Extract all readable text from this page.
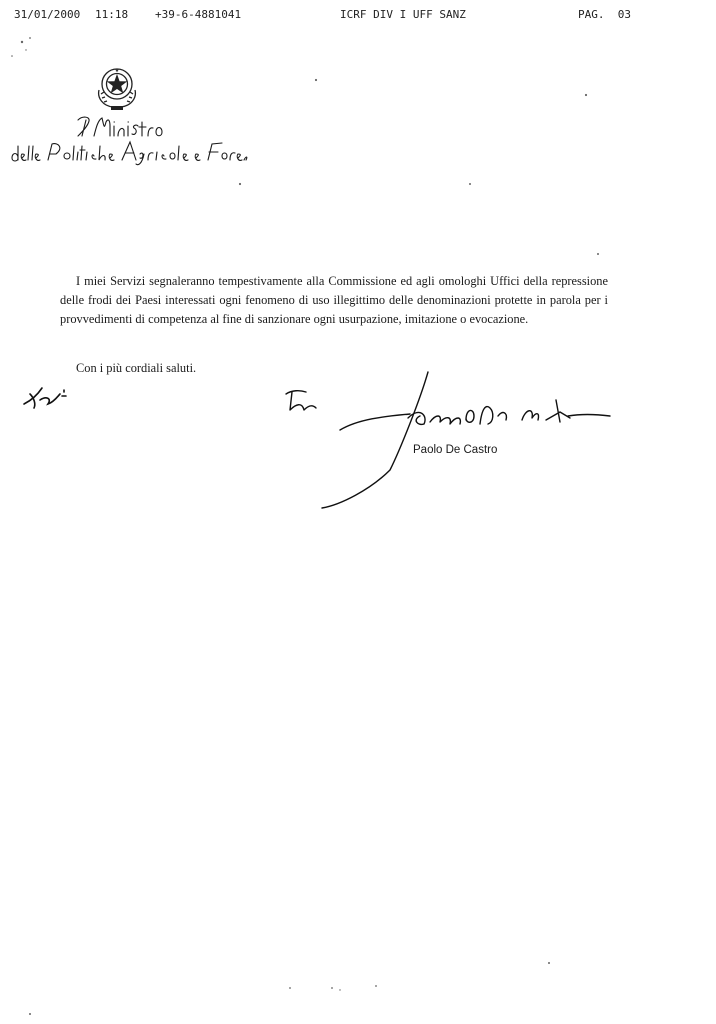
31/01/2000 11:18 +39-6-4881041	ICRF DIV I UFF SANZ	PAG. 03
★

I miei Servizi segnaleranno tempestivamente alla Commissione ed agli omologhi Uffici della repressione delle frodi dei Paesi interessati ogni fenomeno di uso illegittimo delle denominazioni protette in parola per i provvedimenti di competenza al fine di sanzionare ogni usurpazione, imitazione o evocazione.

Con i più cordiali saluti.
Paolo De Castro
